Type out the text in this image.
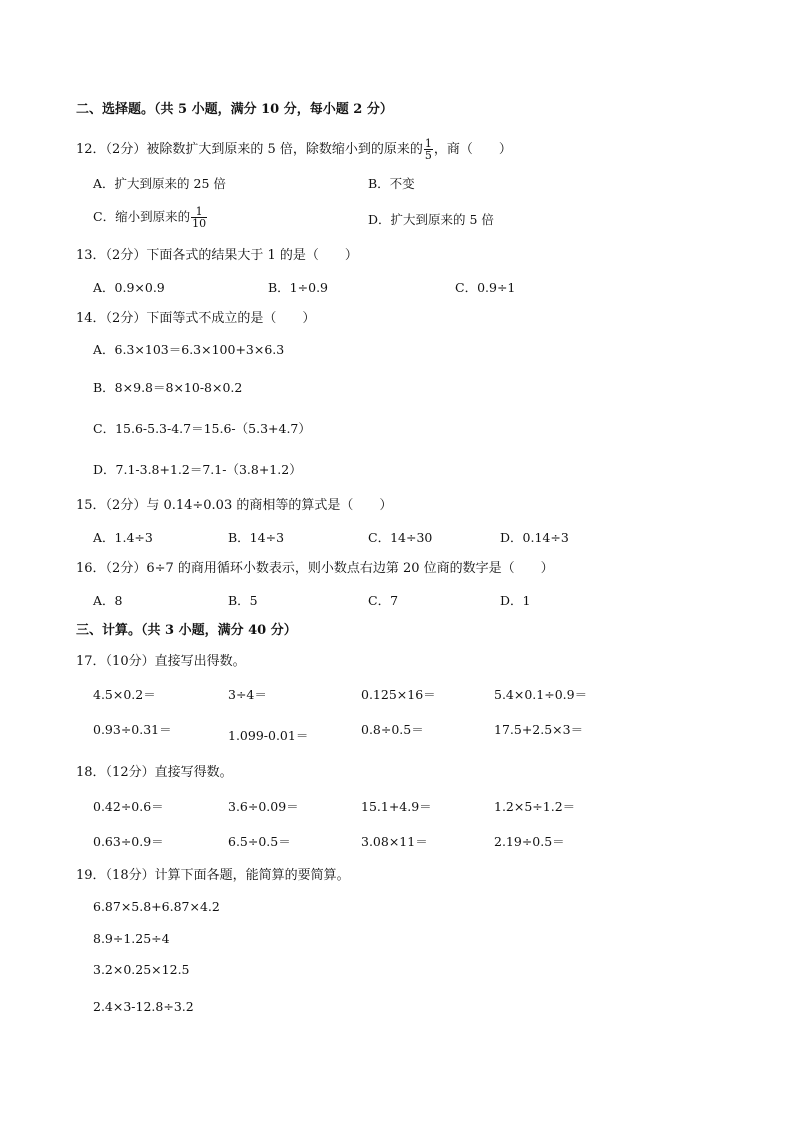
二、选择题。（共 5 小题，满分 10 分，每小题 2 分）
12．（2分）被除数扩大到原来的 5 倍，除数缩小到的原来的 $\frac{1}{5}$ ，商（　　）
A．扩大到原来的 25 倍	B．不变
C．缩小到原来的 $\frac{1}{10}$	D．扩大到原来的 5 倍
13．（2分）下面各式的结果大于 1 的是（　　）
A．0.9×0.9	B．1÷0.9	C．0.9÷1
14．（2分）下面等式不成立的是（　　）
A．6.3×103＝6.3×100+3×6.3
B．8×9.8＝8×10-8×0.2
C．15.6-5.3-4.7＝15.6-（5.3+4.7）
D．7.1-3.8+1.2＝7.1-（3.8+1.2）
15．（2分）与 0.14÷0.03 的商相等的算式是（　　）
A．1.4÷3	B．14÷3	C．14÷30	D．0.14÷3
16．（2分）6÷7 的商用循环小数表示，则小数点右边第 20 位商的数字是（　　）
A．8	B．5	C．7	D．1
三、计算。（共 3 小题，满分 40 分）
17．（10分）直接写出得数。
4.5×0.2＝	3÷4＝	0.125×16＝	5.4×0.1÷0.9＝
0.93÷0.31＝	1.099-0.01＝	0.8÷0.5＝	17.5+2.5×3＝
18．（12分）直接写得数。
0.42÷0.6＝	3.6÷0.09＝	15.1+4.9＝	1.2×5÷1.2＝
0.63÷0.9＝	6.5÷0.5＝	3.08×11＝	2.19÷0.5＝
19．（18分）计算下面各题，能简算的要简算。
6.87×5.8+6.87×4.2
8.9÷1.25÷4
3.2×0.25×12.5
2.4×3-12.8÷3.2
